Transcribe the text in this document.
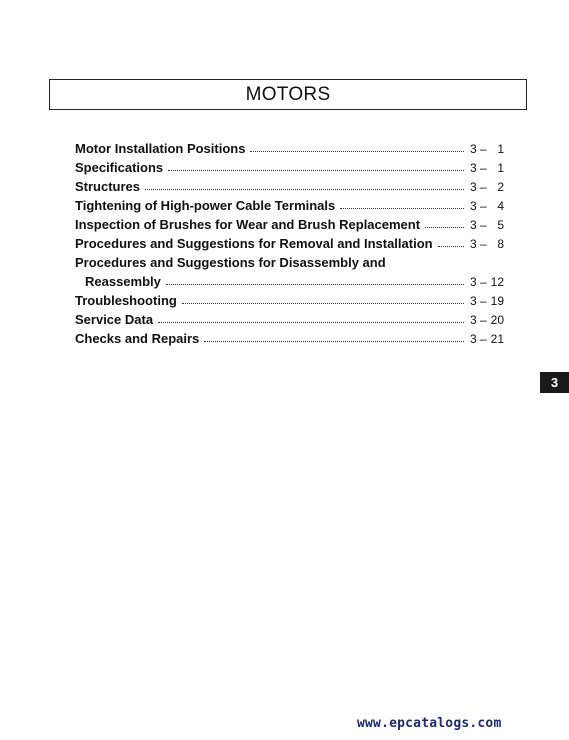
MOTORS
Motor Installation Positions	3 – 1
Specifications	3 – 1
Structures	3 – 2
Tightening of High-power Cable Terminals	3 – 4
Inspection of Brushes for Wear and Brush Replacement	3 – 5
Procedures and Suggestions for Removal and Installation	3 – 8
Procedures and Suggestions for Disassembly and
Reassembly	3 – 12
Troubleshooting	3 – 19
Service Data	3 – 20
Checks and Repairs	3 – 21
3
www.epcatalogs.com
